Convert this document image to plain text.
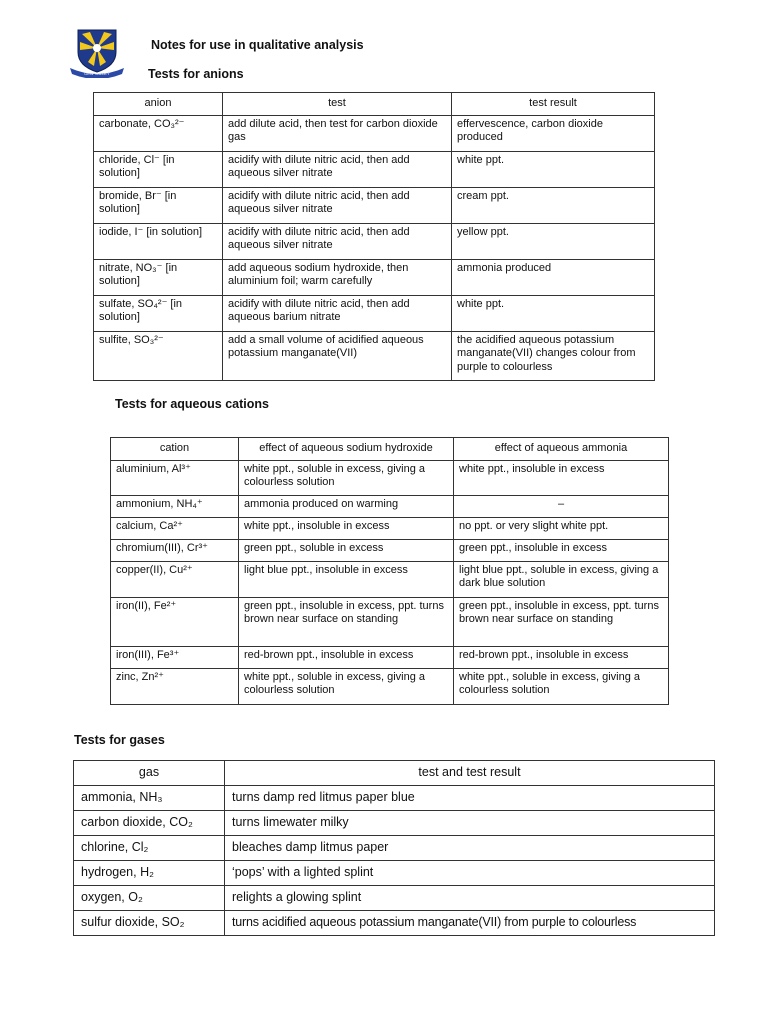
DEW VALLEY
Notes for use in qualitative analysis
Tests for anions
anion	test	test result
carbonate, CO₃²⁻	add dilute acid, then test for carbon dioxide gas	effervescence, carbon dioxide produced
chloride, Cl⁻ [in solution]	acidify with dilute nitric acid, then add aqueous silver nitrate	white ppt.
bromide, Br⁻ [in solution]	acidify with dilute nitric acid, then add aqueous silver nitrate	cream ppt.
iodide, I⁻ [in solution]	acidify with dilute nitric acid, then add aqueous silver nitrate	yellow ppt.
nitrate, NO₃⁻ [in solution]	add aqueous sodium hydroxide, then aluminium foil; warm carefully	ammonia produced
sulfate, SO₄²⁻ [in solution]	acidify with dilute nitric acid, then add aqueous barium nitrate	white ppt.
sulfite, SO₃²⁻	add a small volume of acidified aqueous potassium manganate(VII)	the acidified aqueous potassium manganate(VII) changes colour from purple to colourless
Tests for aqueous cations
cation	effect of aqueous sodium hydroxide	effect of aqueous ammonia
aluminium, Al³⁺	white ppt., soluble in excess, giving a colourless solution	white ppt., insoluble in excess
ammonium, NH₄⁺	ammonia produced on warming	–
calcium, Ca²⁺	white ppt., insoluble in excess	no ppt. or very slight white ppt.
chromium(III), Cr³⁺	green ppt., soluble in excess	green ppt., insoluble in excess
copper(II), Cu²⁺	light blue ppt., insoluble in excess	light blue ppt., soluble in excess, giving a dark blue solution
iron(II), Fe²⁺	green ppt., insoluble in excess, ppt. turns brown near surface on standing	green ppt., insoluble in excess, ppt. turns brown near surface on standing
iron(III), Fe³⁺	red-brown ppt., insoluble in excess	red-brown ppt., insoluble in excess
zinc, Zn²⁺	white ppt., soluble in excess, giving a colourless solution	white ppt., soluble in excess, giving a colourless solution
Tests for gases
gas	test and test result
ammonia, NH₃	turns damp red litmus paper blue
carbon dioxide, CO₂	turns limewater milky
chlorine, Cl₂	bleaches damp litmus paper
hydrogen, H₂	‘pops’ with a lighted splint
oxygen, O₂	relights a glowing splint
sulfur dioxide, SO₂	turns acidified aqueous potassium manganate(VII) from purple to colourless
